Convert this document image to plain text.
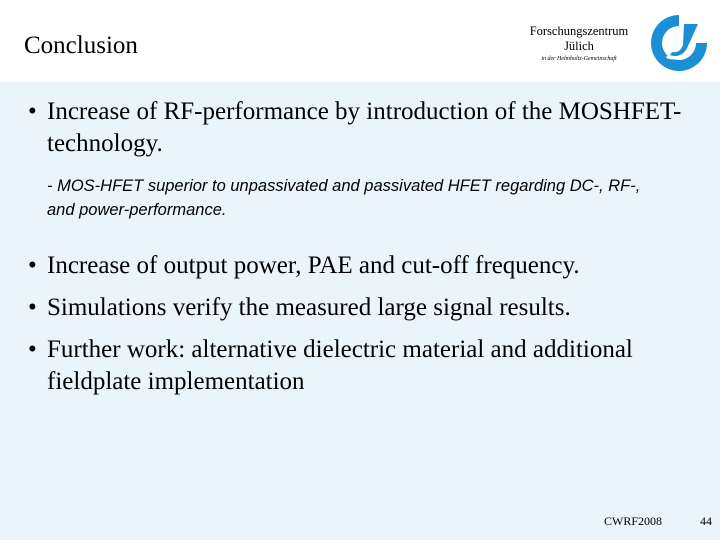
Conclusion
Forschungszentrum Jülich
in der Helmholtz-Gemeinschaft
• Increase of RF-performance by introduction of the MOSHFET-technology.
- MOS-HFET superior to unpassivated and passivated HFET regarding DC-, RF-, and power-performance.
• Increase of output power, PAE and cut-off frequency.
• Simulations verify the measured large signal results.
• Further work: alternative dielectric material and additional fieldplate implementation
CWRF2008	44
